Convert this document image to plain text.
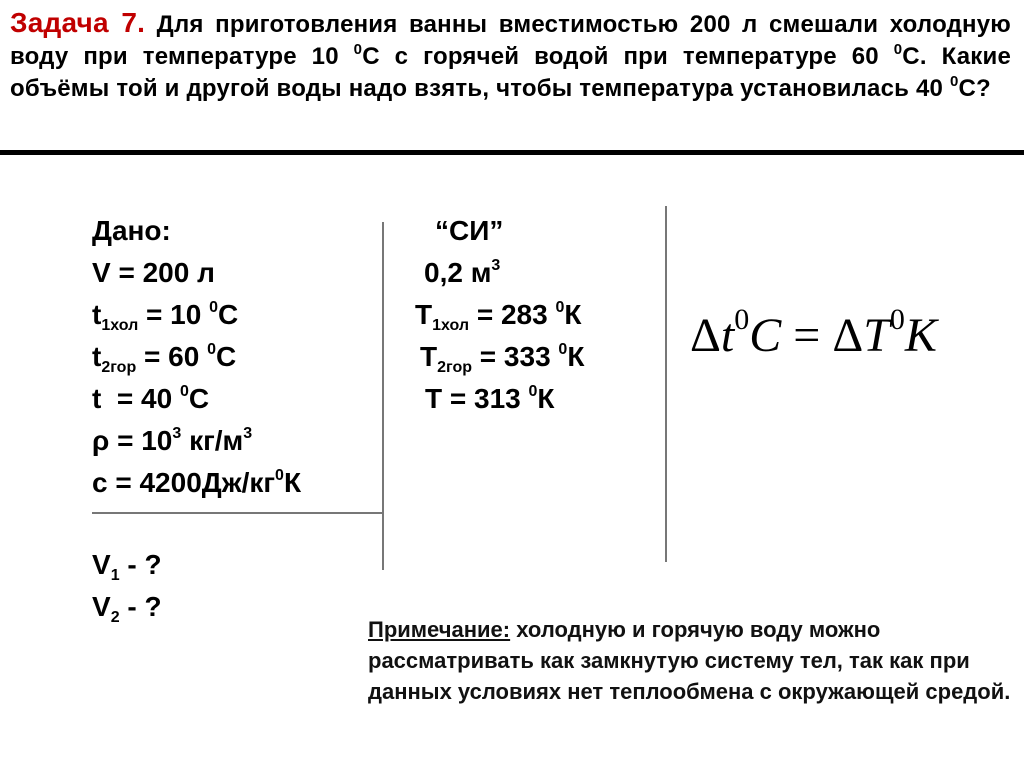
Задача 7. Для приготовления ванны вместимостью 200 л смешали холодную воду при температуре 10 $^0$С с горячей водой при температуре 60 $^0$С. Какие объёмы той и другой воды надо взять, чтобы температура установилась 40 $^0$С?

Дано:
V = 200 л
$t_{1хол} = 10$ $^0$С
$t_{2гор} = 60$ $^0$С
t  = 40 $^0$С
$\rho = 10^3$ $кг/м^3$
$с = 4200Дж/кг^0К$
$V_1$ - ?
$V_2$ - ?
“СИ”
0,2 $м^3$
$Т_{1хол} = 283$ $^0$К
$Т_{2гор} = 333$ $^0$К
Т = 313 $^0$К
$\Delta t^0C = \Delta T^0K$
Примечание: холодную и горячую воду можно рассматривать как замкнутую систему тел, так как при данных условиях нет теплообмена с окружающей средой.
